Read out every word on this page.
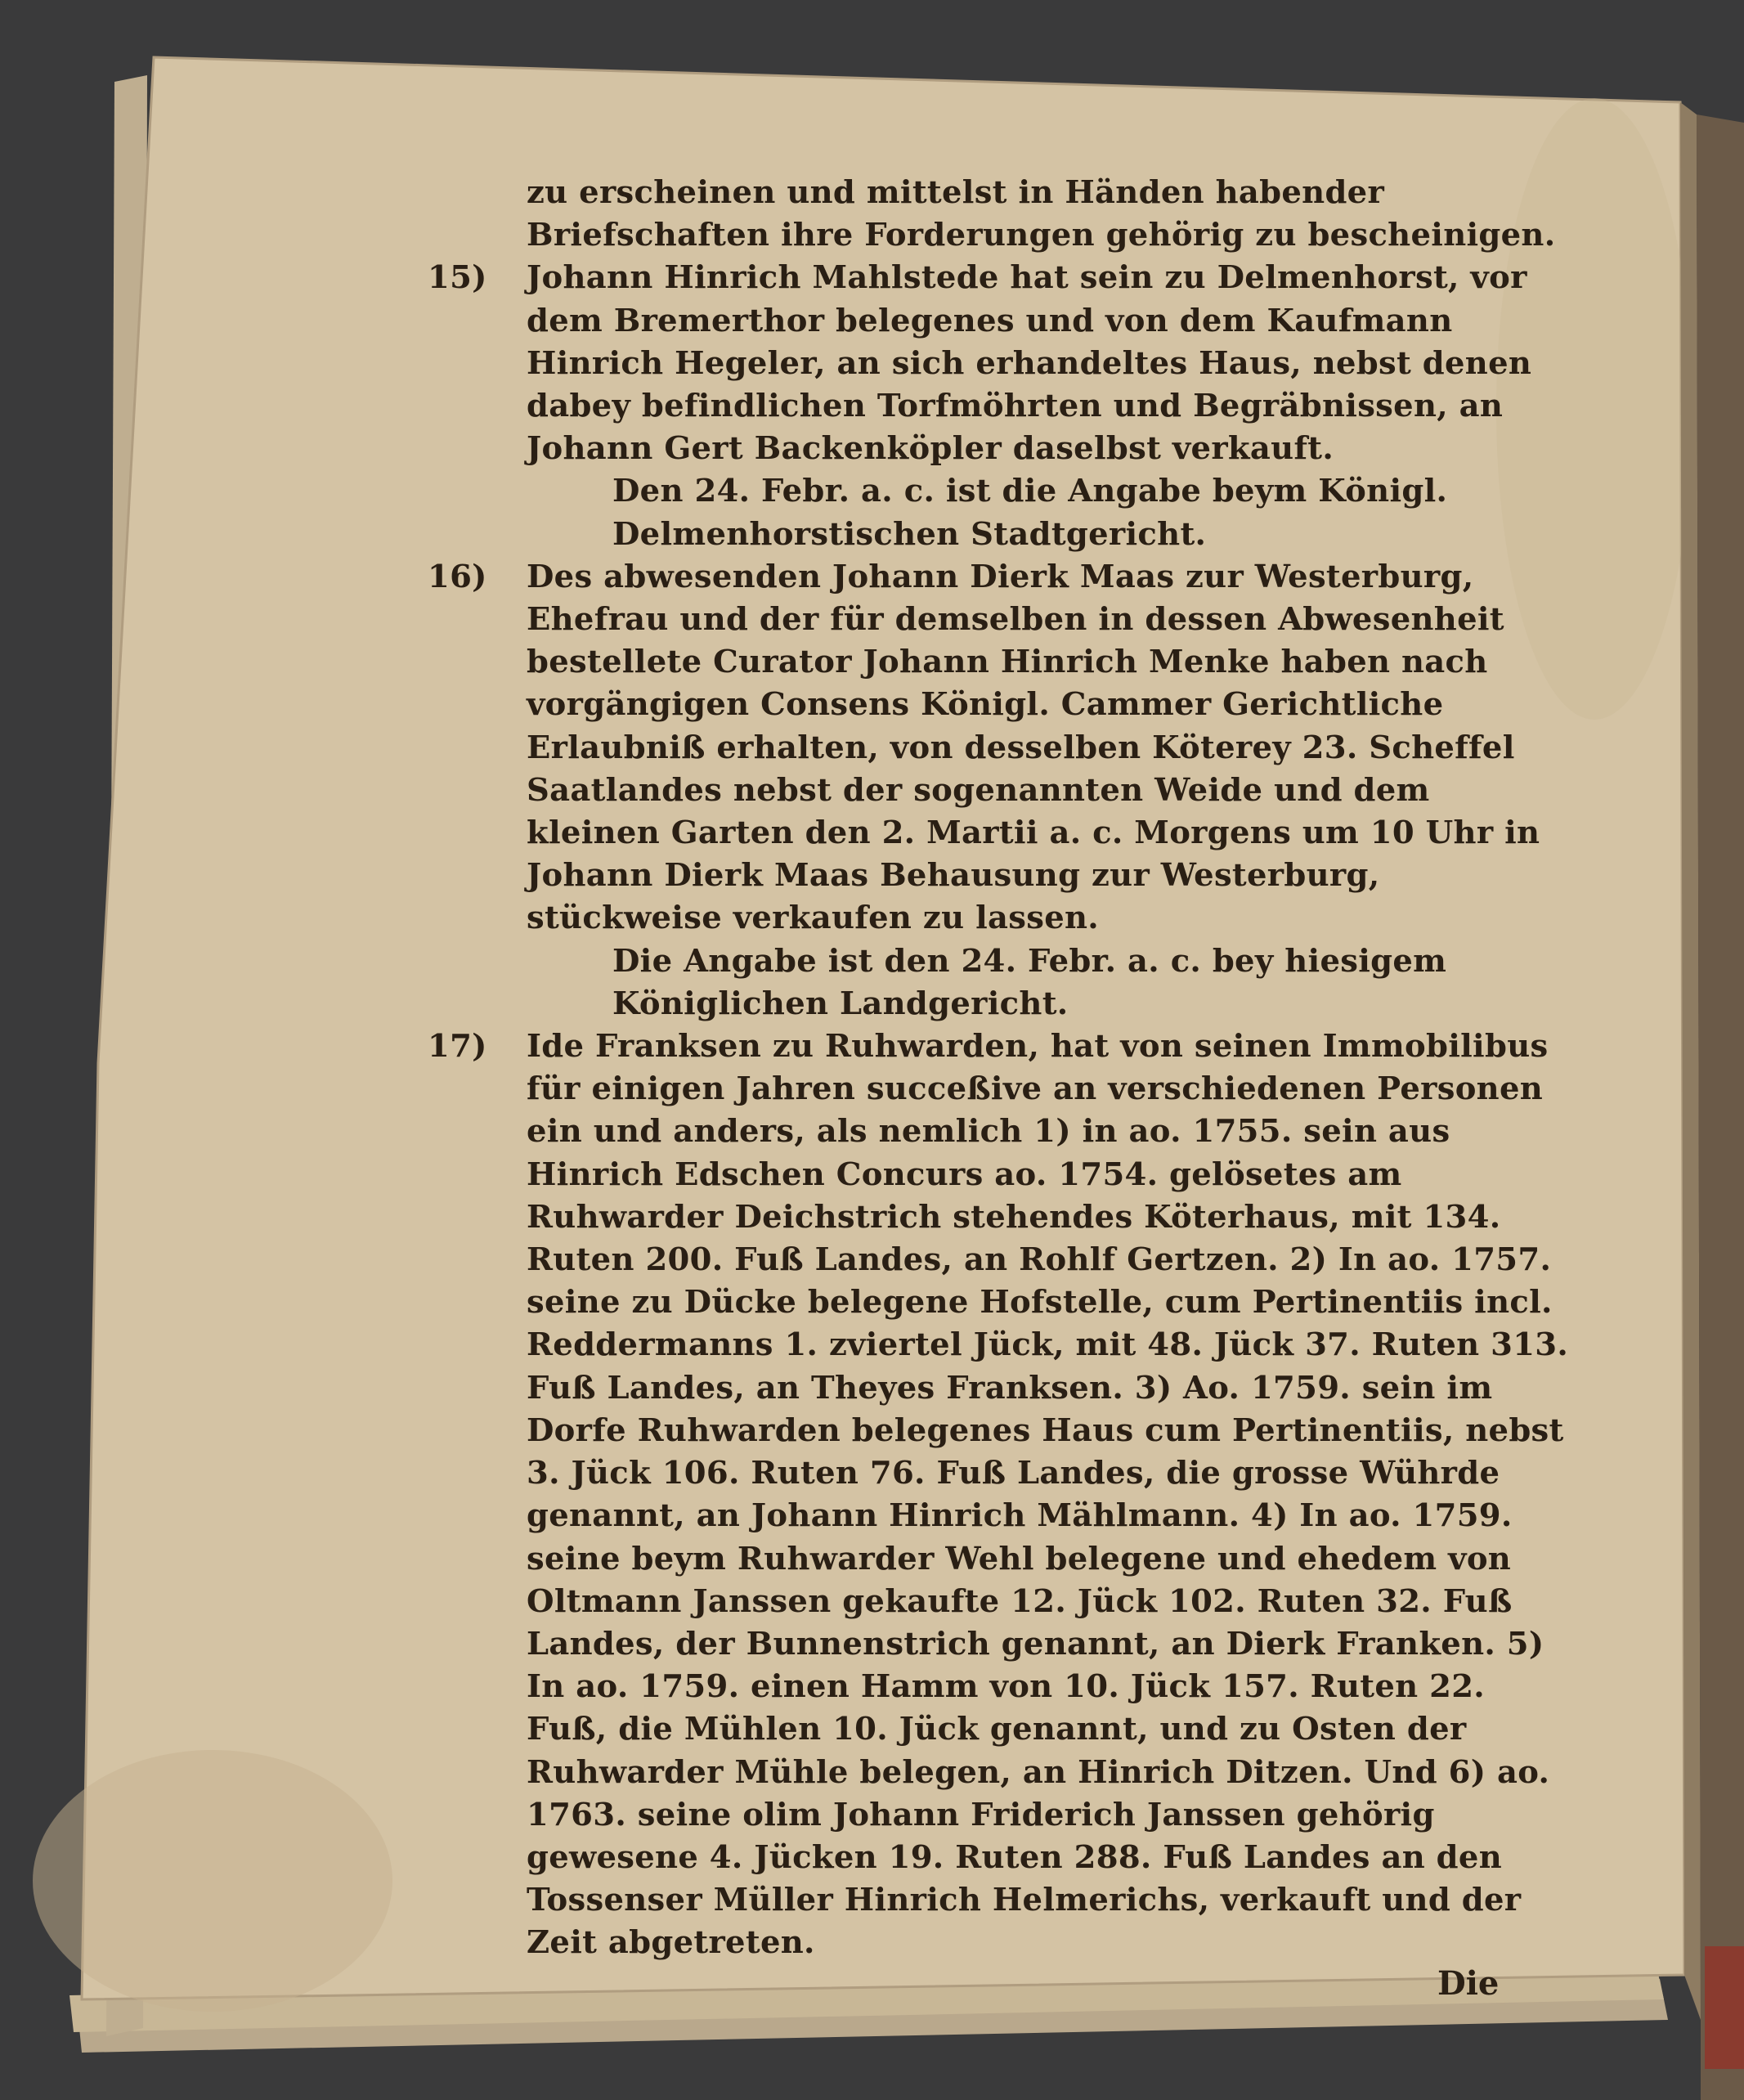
zu erscheinen und mittelst in Händen habender Briefschaften ihre Forderungen gehörig zu bescheinigen.

15)	Johann Hinrich Mahlstede hat sein zu Delmenhorst, vor dem Bremerthor belegenes und von dem Kaufmann Hinrich Hegeler, an sich erhandeltes Haus, nebst denen dabey befindlichen Torfmöhrten und Begräbnissen, an Johann Gert Backenköpler daselbst verkauft.

Den 24. Febr. a. c. ist die Angabe beym Königl. Delmenhorstischen Stadtgericht.

16)	Des abwesenden Johann Dierk Maas zur Westerburg, Ehefrau und der für demselben in dessen Abwesenheit bestellete Curator Johann Hinrich Menke haben nach vorgängigen Consens Königl. Cammer Gerichtliche Erlaubniß erhalten, von desselben Köterey 23. Scheffel Saatlandes nebst der sogenannten Weide und dem kleinen Garten den 2. Martii a. c. Morgens um 10 Uhr in Johann Dierk Maas Behausung zur Westerburg, stückweise verkaufen zu lassen.

Die Angabe ist den 24. Febr. a. c. bey hiesigem Königlichen Landgericht.

17)	Ide Franksen zu Ruhwarden, hat von seinen Immobilibus für einigen Jahren succeßive an verschiedenen Personen ein und anders, als nemlich 1) in ao. 1755. sein aus Hinrich Edschen Concurs ao. 1754. gelösetes am Ruhwarder Deichstrich stehendes Köterhaus, mit 134. Ruten 200. Fuß Landes, an Rohlf Gertzen. 2) In ao. 1757. seine zu Dücke belegene Hofstelle, cum Pertinentiis incl. Reddermanns 1. zviertel Jück, mit 48. Jück 37. Ruten 313. Fuß Landes, an Theyes Franksen. 3) Ao. 1759. sein im Dorfe Ruhwarden belegenes Haus cum Pertinentiis, nebst 3. Jück 106. Ruten 76. Fuß Landes, die grosse Wührde genannt, an Johann Hinrich Mählmann. 4) In ao. 1759. seine beym Ruhwarder Wehl belegene und ehedem von Oltmann Janssen gekaufte 12. Jück 102. Ruten 32. Fuß Landes, der Bunnenstrich genannt, an Dierk Franken. 5) In ao. 1759. einen Hamm von 10. Jück 157. Ruten 22. Fuß, die Mühlen 10. Jück genannt, und zu Osten der Ruhwarder Mühle belegen, an Hinrich Ditzen. Und 6) ao. 1763. seine olim Johann Friderich Janssen gehörig gewesene 4. Jücken 19. Ruten 288. Fuß Landes an den Tossenser Müller Hinrich Helmerichs, verkauft und der Zeit abgetreten.

Die
